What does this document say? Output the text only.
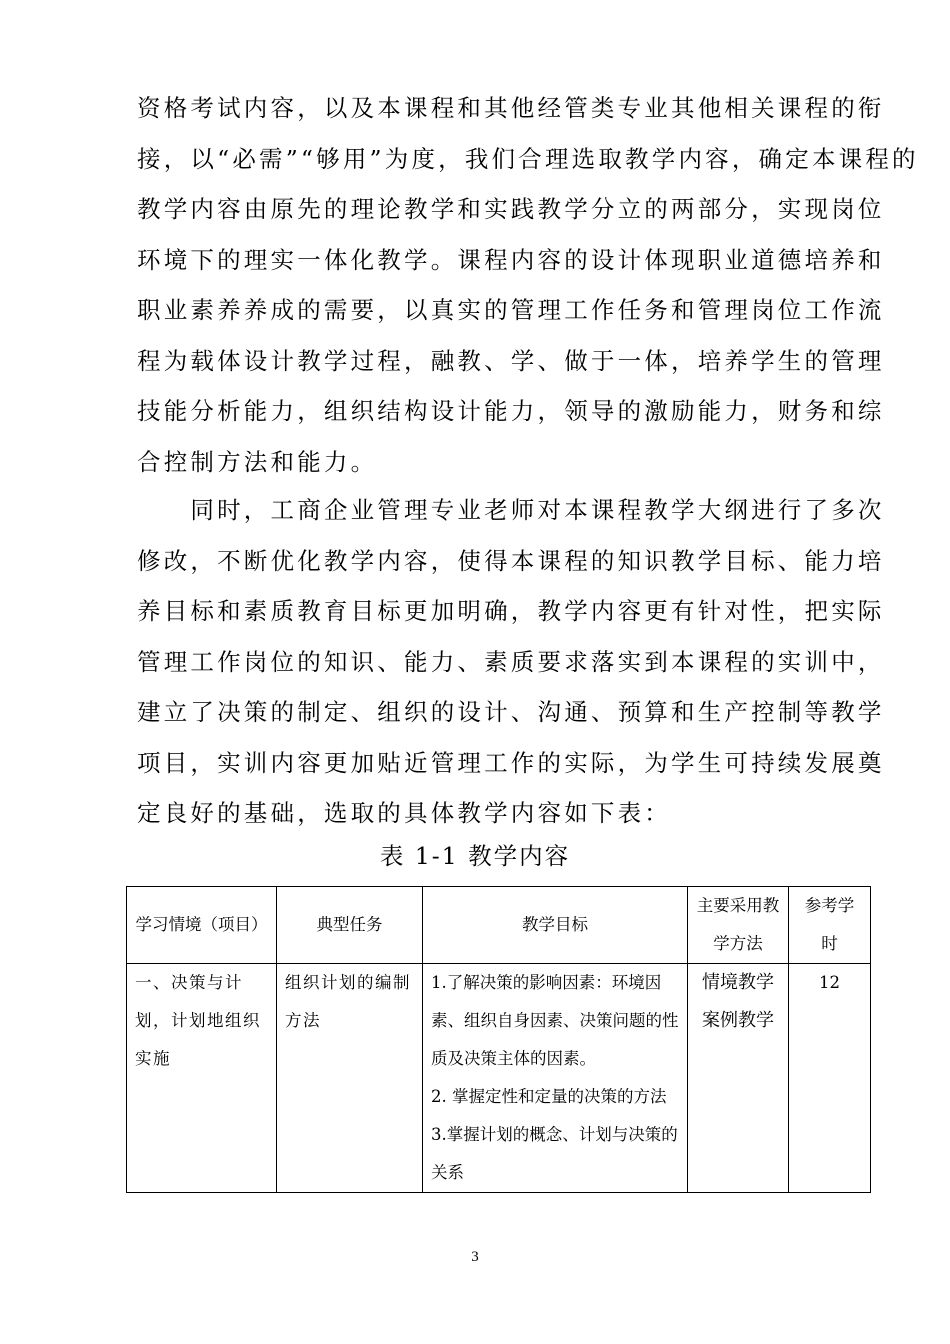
资格考试内容，以及本课程和其他经管类专业其他相关课程的衔
接，以“必需”“够用”为度，我们合理选取教学内容，确定本课程的
教学内容由原先的理论教学和实践教学分立的两部分，实现岗位
环境下的理实一体化教学。课程内容的设计体现职业道德培养和
职业素养养成的需要，以真实的管理工作任务和管理岗位工作流
程为载体设计教学过程，融教、学、做于一体，培养学生的管理
技能分析能力，组织结构设计能力，领导的激励能力，财务和综
合控制方法和能力。
　　同时，工商企业管理专业老师对本课程教学大纲进行了多次
修改，不断优化教学内容，使得本课程的知识教学目标、能力培
养目标和素质教育目标更加明确，教学内容更有针对性，把实际
管理工作岗位的知识、能力、素质要求落实到本课程的实训中，
建立了决策的制定、组织的设计、沟通、预算和生产控制等教学
项目，实训内容更加贴近管理工作的实际，为学生可持续发展奠
定良好的基础，选取的具体教学内容如下表：
表 1-1 教学内容
学习情境（项目）	典型任务	教学目标	主要采用教学方法	参考学时
一、决策与计划，计划地组织实施	组织计划的编制方法	1.了解决策的影响因素：环境因素、组织自身因素、决策问题的性质及决策主体的因素。
2. 掌握定性和定量的决策的方法
3.掌握计划的概念、计划与决策的关系	情境教学案例教学	12
3
